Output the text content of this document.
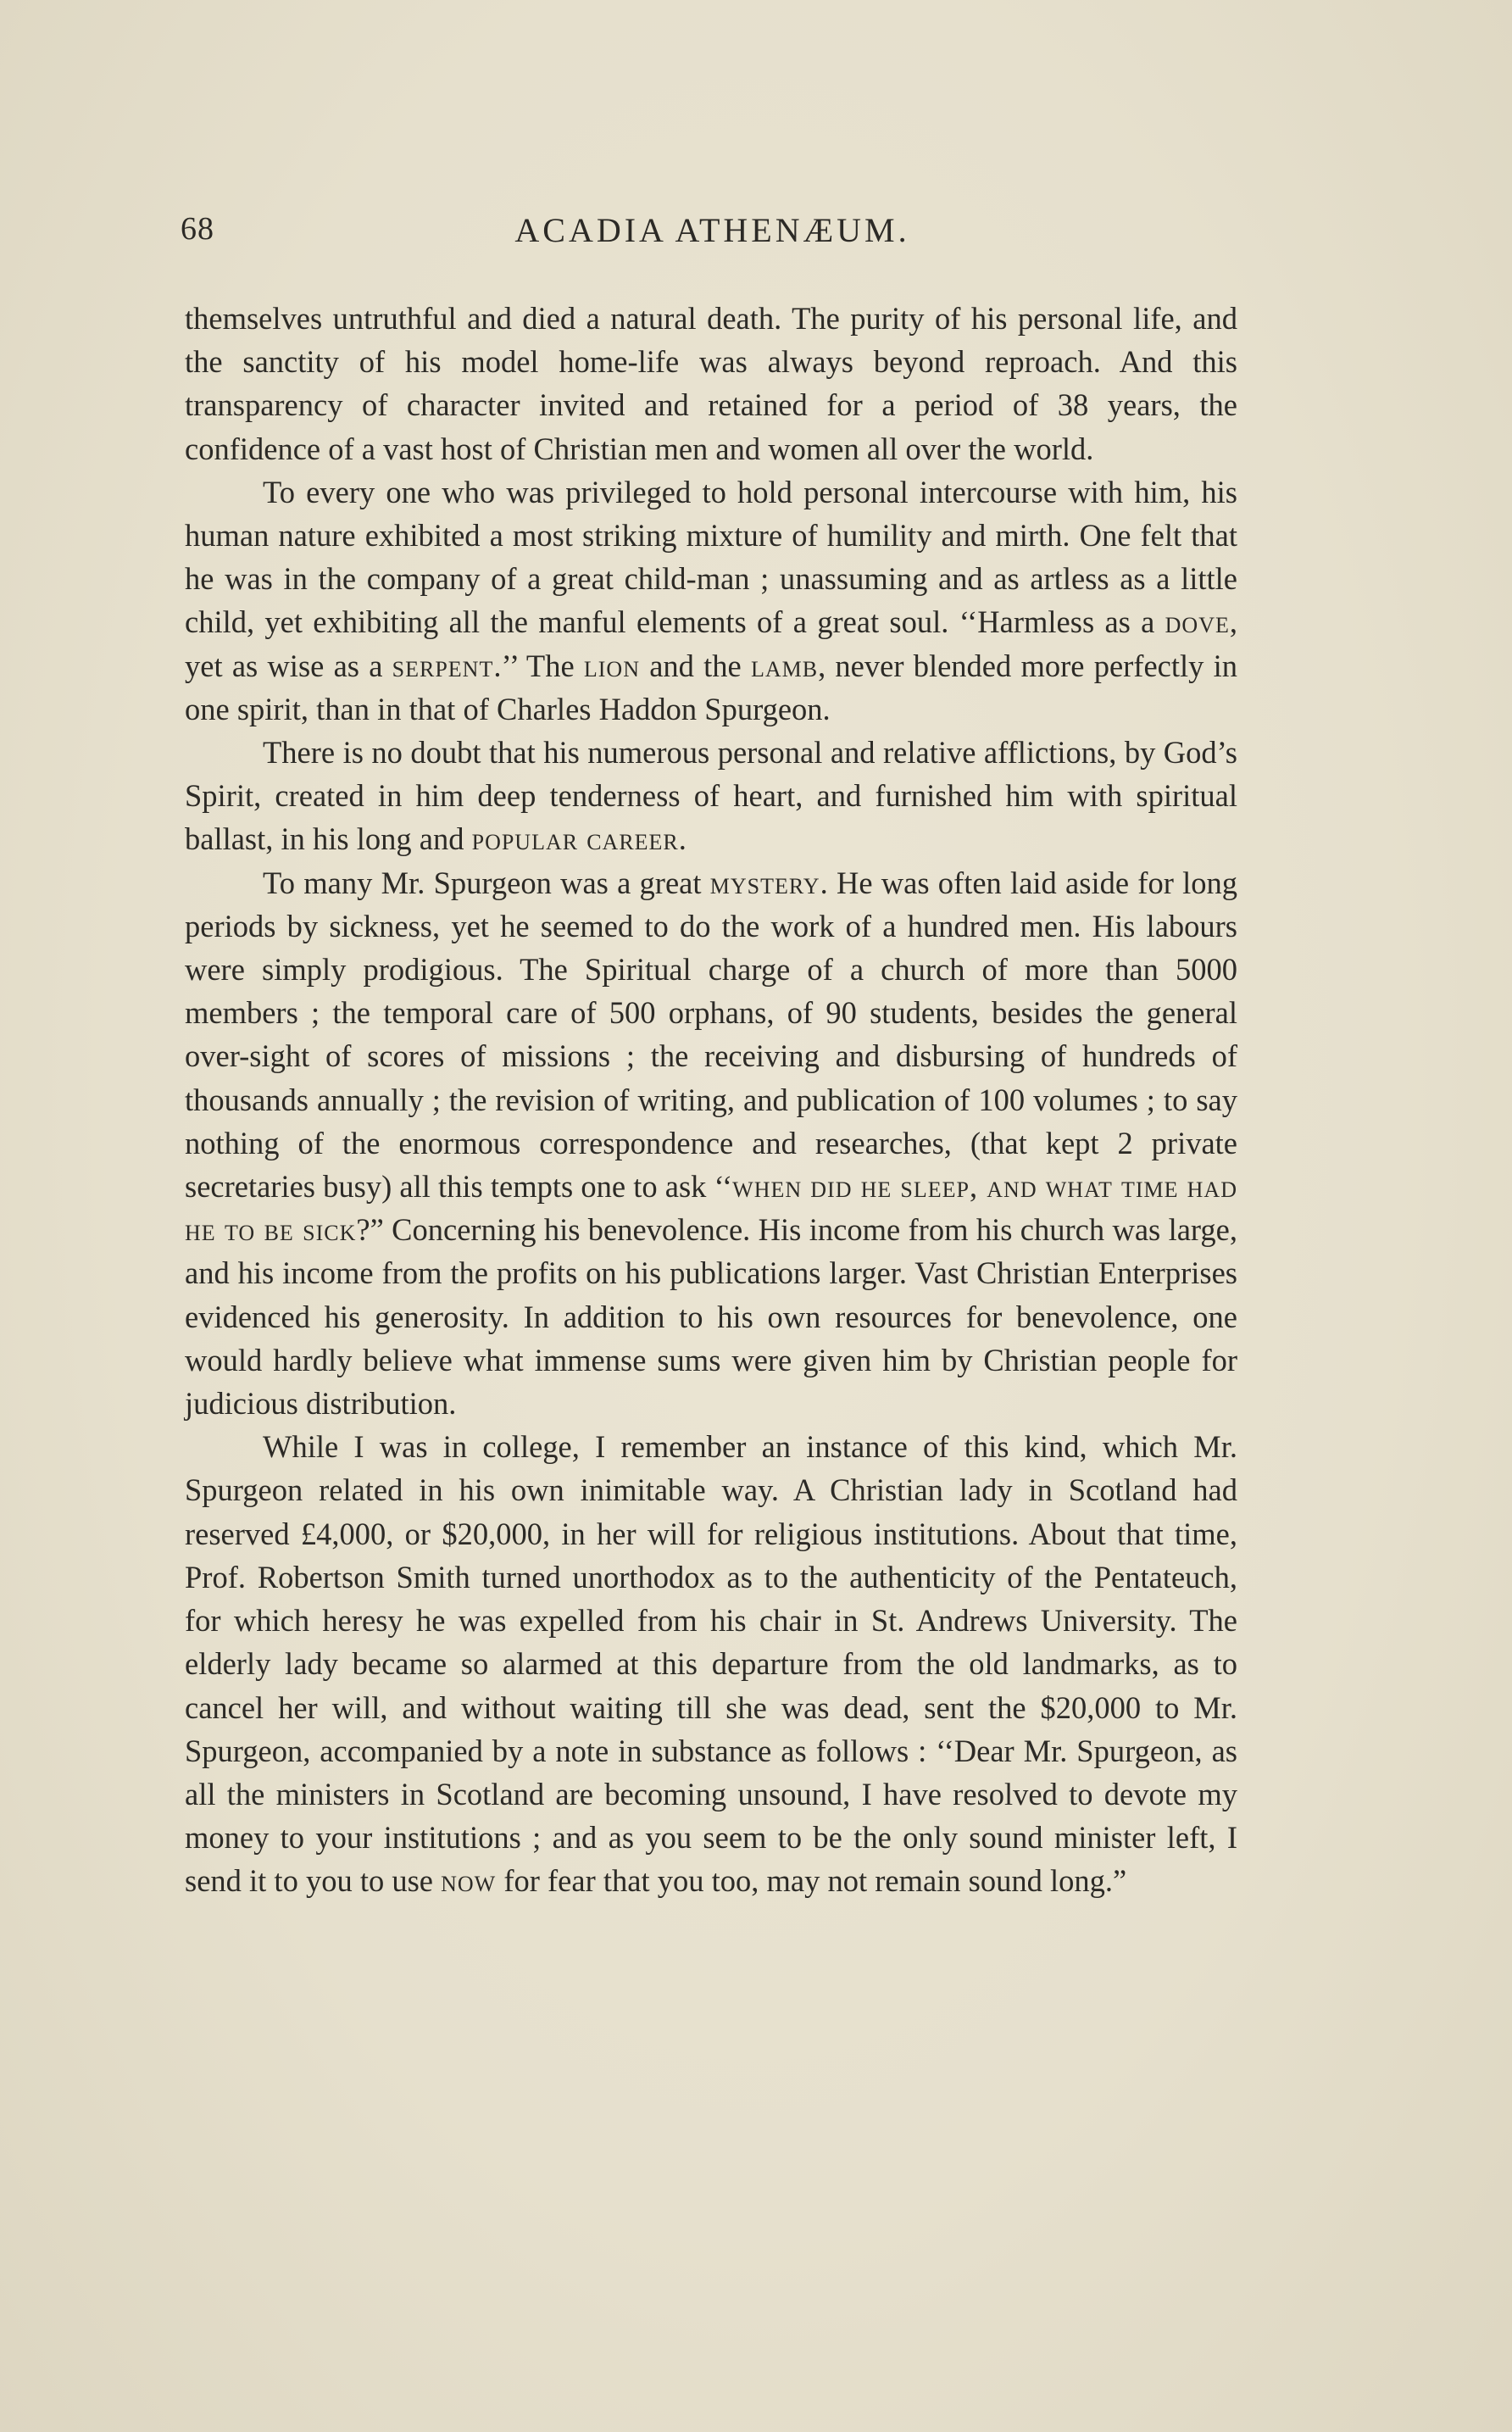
68	ACADIA ATHENÆUM.

themselves untruthful and died a natural death. The purity of his personal life, and the sanctity of his model home-life was always beyond reproach. And this transparency of character invited and retained for a period of 38 years, the confidence of a vast host of Christian men and women all over the world.

To every one who was privileged to hold personal intercourse with him, his human nature exhibited a most striking mixture of humility and mirth. One felt that he was in the company of a great child-man ; unassuming and as artless as a little child, yet exhibiting all the manful elements of a great soul. ‘‘Harmless as a dove, yet as wise as a serpent.’’ The lion and the lamb, never blended more perfectly in one spirit, than in that of Charles Haddon Spurgeon.

There is no doubt that his numerous personal and relative afflictions, by God’s Spirit, created in him deep tenderness of heart, and furnished him with spiritual ballast, in his long and popular career.

To many Mr. Spurgeon was a great mystery. He was often laid aside for long periods by sickness, yet he seemed to do the work of a hundred men. His labours were simply prodigious. The Spiritual charge of a church of more than 5000 members ; the temporal care of 500 orphans, of 90 students, besides the general over-sight of scores of missions ; the receiving and disbursing of hundreds of thousands annually ; the revision of writing, and publication of 100 volumes ; to say nothing of the enormous correspondence and researches, (that kept 2 private secretaries busy) all this tempts one to ask ‘‘when did he sleep, and what time had he to be sick?” Concerning his benevolence. His income from his church was large, and his income from the profits on his publications larger. Vast Christian Enterprises evidenced his generosity. In addition to his own resources for benevolence, one would hardly believe what immense sums were given him by Christian people for judicious distribution.

While I was in college, I remember an instance of this kind, which Mr. Spurgeon related in his own inimitable way. A Christian lady in Scotland had reserved £4,000, or $20,000, in her will for religious institutions. About that time, Prof. Robertson Smith turned unorthodox as to the authenticity of the Pentateuch, for which heresy he was expelled from his chair in St. Andrews University. The elderly lady became so alarmed at this departure from the old landmarks, as to cancel her will, and without waiting till she was dead, sent the $20,000 to Mr. Spurgeon, accompanied by a note in substance as follows : ‘‘Dear Mr. Spurgeon, as all the ministers in Scotland are becoming unsound, I have resolved to devote my money to your institutions ; and as you seem to be the only sound minister left, I send it to you to use now for fear that you too, may not remain sound long.”
